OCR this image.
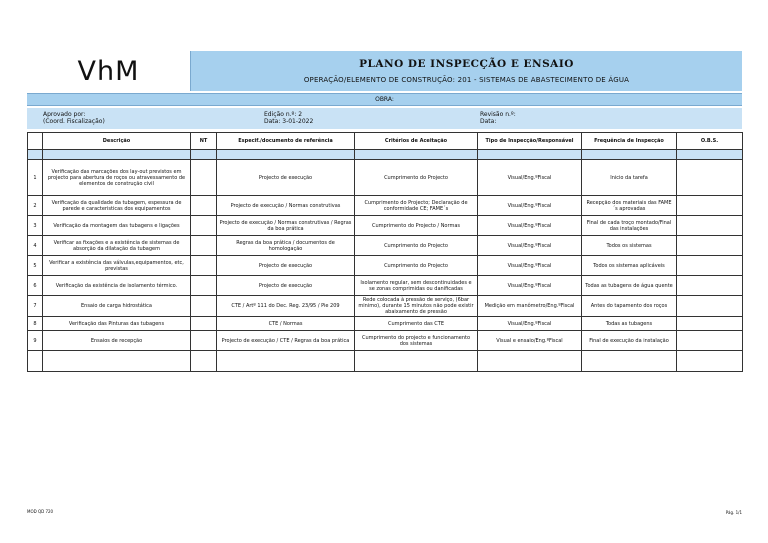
VhM	PLANO DE INSPECÇÃO E ENSAIO
OPERAÇÃO/ELEMENTO DE CONSTRUÇÃO: 201 - SISTEMAS DE ABASTECIMENTO DE ÁGUA
OBRA:
Aprovado por:
(Coord. Fiscalização)
Edição n.º: 2
Data: 3-01-2022
Revisão n.º:
Data:
	Descrição	NT	Especif./documento de referência	Critérios de Aceitação	Tipo de Inspecção/Responsável	Frequência de Inspecção	O.B.S.

1	Verificação das marcações dos lay-out previstos em projecto para abertura de roços ou atravessamento de elementos de construção civil		Projecto de execução	Cumprimento do Projecto	Visual/Eng.ºFiscal	Inicio da tarefa	
2	Verificação da qualidade da tubagem, espessura de parede e caracteristicas dos equipamentos		Projecto de execução / Normas construtivas	Cumprimento do Projecto; Declaração de conformidade CE; FAME´s	Visual/Eng.ºFiscal	Recepção dos materiais das FAME´s aprovadas	
3	Verificação da montagem das tubagens e ligações		Projecto de execução / Normas construtivas / Regras da boa prática	Cumprimento do Projecto / Normas	Visual/Eng.ºFiscal	Final de cada troço montado/Final das instalações	
4	Verificar as fixações e a existência de sistemas de absorção da dilatação da tubagem		Regras da boa prática / documentos de homologação	Cumprimento do Projecto	Visual/Eng.ºFiscal	Todos os sistemas	
5	Verificar a existência das válvulas,equipamentos, etc, previstas		Projecto de execução	Cumprimento do Projecto	Visual/Eng.ºFiscal	Todos os sistemas aplicáveis	
6	Verificação da existência de isolamento térmico.		Projecto de execução	Isolamento regular, sem descontinuidades e se zonas comprimidas ou danificadas	Visual/Eng.ºFiscal	Todas as tubagens de água quente	
7	Ensaio de carga hidrostática		CTE / Artº 111 do Dec. Reg. 23/95 / Pie 209	Rede colocada à pressão de serviço, (6bar minimo), durante 15 minutos não pode existir abaixamento de pressão	Medição em manômetro/Eng.ºFiscal	Antes do tapamento dos roços	
8	Verificação das Pinturas das tubagens		CTE / Normas	Cumprimento das CTE	Visual/Eng.ºFiscal	Todas as tubagens	
9	Ensaios de recepção		Projecto de execução / CTE / Regras da boa prática	Cumprimento do projecto e funcionamento dos sistemas	Visual e ensaio/Eng.ºFiscal	Final de execução da instalação	

MOD QD 720	Pág. 1/1
